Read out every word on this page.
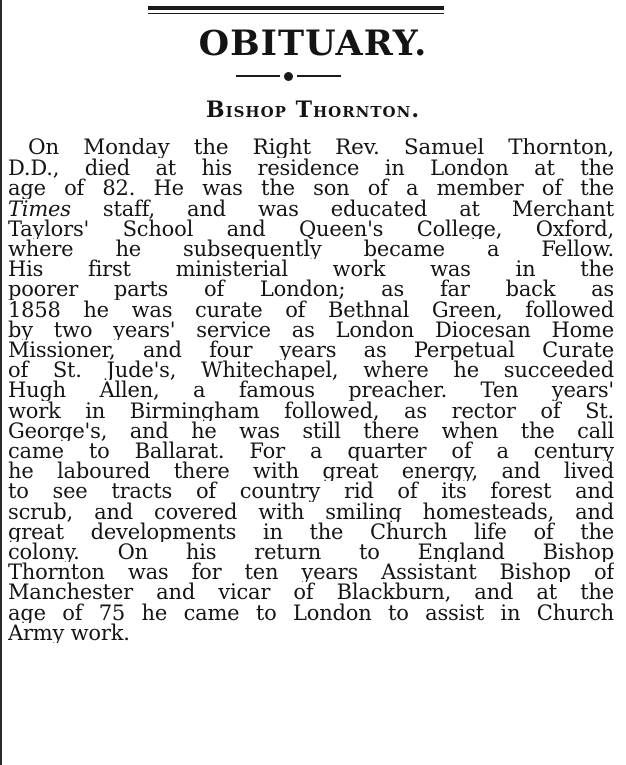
OBITUARY.
Bishop Thornton.
On Monday the Right Rev. Samuel Thornton,
D.D., died at his residence in London at the
age of 82. He was the son of a member of the
Times staff, and was educated at Merchant
Taylors' School and Queen's College, Oxford,
where he subsequently became a Fellow.
His first ministerial work was in the
poorer parts of London; as far back as
1858 he was curate of Bethnal Green, followed
by two years' service as London Diocesan Home
Missioner, and four years as Perpetual Curate
of St. Jude's, Whitechapel, where he succeeded
Hugh Allen, a famous preacher. Ten years'
work in Birmingham followed, as rector of St.
George's, and he was still there when the call
came to Ballarat. For a quarter of a century
he laboured there with great energy, and lived
to see tracts of country rid of its forest and
scrub, and covered with smiling homesteads, and
great developments in the Church life of the
colony. On his return to England Bishop
Thornton was for ten years Assistant Bishop of
Manchester and vicar of Blackburn, and at the
age of 75 he came to London to assist in Church
Army work.
